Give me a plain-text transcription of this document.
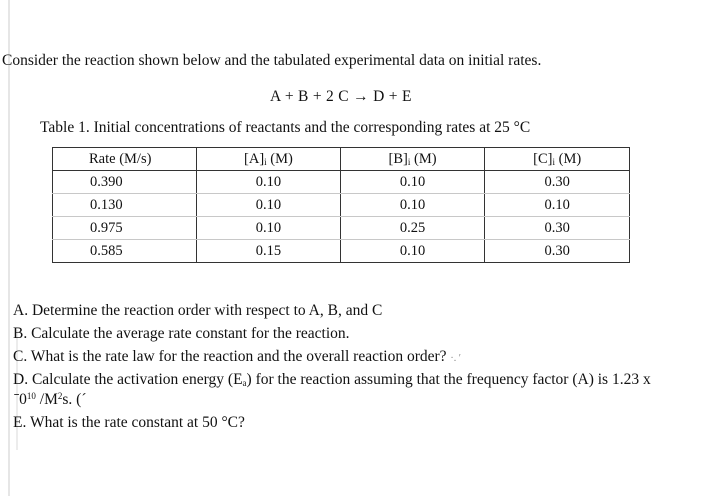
Consider the reaction shown below and the tabulated experimental data on initial rates.
A + B + 2 C → D + E
Table 1. Initial concentrations of reactants and the corresponding rates at 25 °C
Rate (M/s)	$[A]_i$ (M)	$[B]_i$ (M)	$[C]_i$ (M)
0.390	0.10	0.10	0.30
0.130	0.10	0.10	0.10
0.975	0.10	0.25	0.30
0.585	0.15	0.10	0.30
A. Determine the reaction order with respect to A, B, and C
B. Calculate the average rate constant for the reaction.
C. What is the rate law for the reaction and the overall reaction order? ·. ′
D. Calculate the activation energy $(E_a)$ for the reaction assuming that the frequency factor (A) is 1.23 x
$ˉ0^{10}$ $/M^2s$. (ˊ
E. What is the rate constant at 50 °C?
